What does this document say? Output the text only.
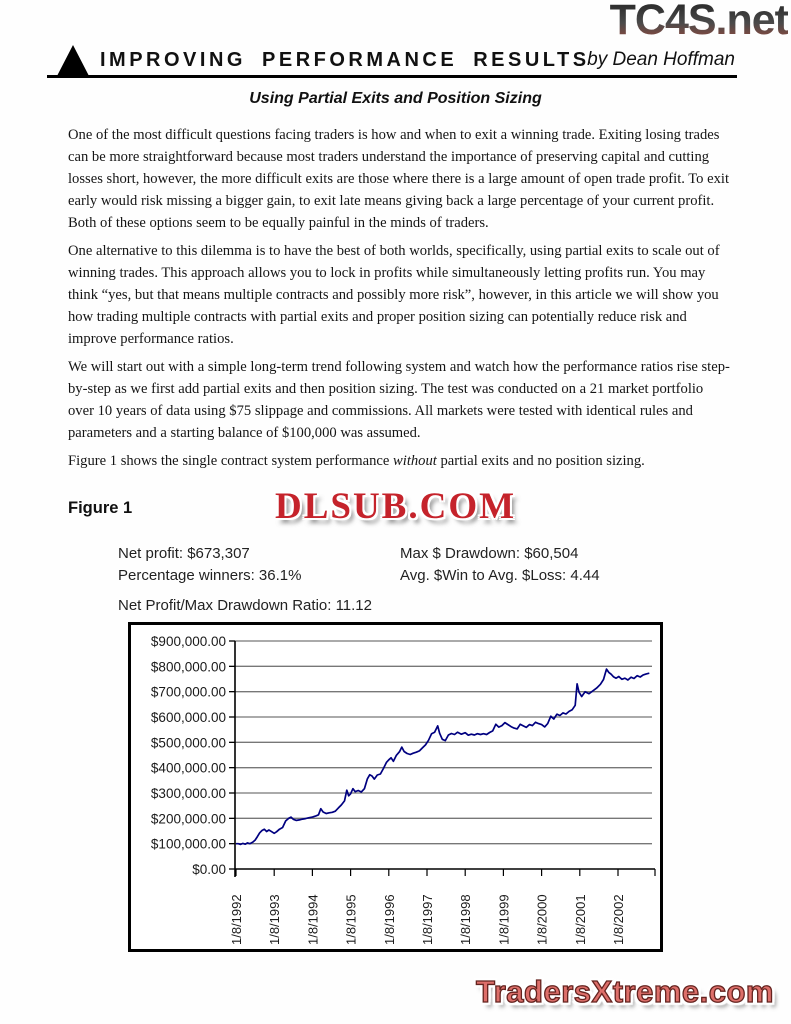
TC4S.net
IMPROVING PERFORMANCE RESULTS
by Dean Hoffman
Using Partial Exits and Position Sizing

One of the most difficult questions facing traders is how and when to exit a winning trade. Exiting losing trades can be more straightforward because most traders understand the importance of preserving capital and cutting losses short, however, the more difficult exits are those where there is a large amount of open trade profit. To exit early would risk missing a bigger gain, to exit late means giving back a large percentage of your current profit. Both of these options seem to be equally painful in the minds of traders.

One alternative to this dilemma is to have the best of both worlds, specifically, using partial exits to scale out of winning trades. This approach allows you to lock in profits while simultaneously letting profits run. You may think “yes, but that means multiple contracts and possibly more risk”, however, in this article we will show you how trading multiple contracts with partial exits and proper position sizing can potentially reduce risk and improve performance ratios.

We will start out with a simple long-term trend following system and watch how the performance ratios rise step-by-step as we first add partial exits and then position sizing. The test was conducted on a 21 market portfolio over 10 years of data using $75 slippage and commissions. All markets were tested with identical rules and parameters and a starting balance of $100,000 was assumed.

Figure 1 shows the single contract system performance without partial exits and no position sizing.

Figure 1	DLSUB.COM
Net profit: $673,307	Max $ Drawdown: $60,504
Percentage winners: 36.1%	Avg. $Win to Avg. $Loss: 4.44
Net Profit/Max Drawdown Ratio: 11.12
$0.00
$100,000.00
$200,000.00
$300,000.00
$400,000.00
$500,000.00
$600,000.00
$700,000.00
$800,000.00
$900,000.00
1/8/1992 1/8/1993 1/8/1994 1/8/1995 1/8/1996 1/8/1997 1/8/1998 1/8/1999 1/8/2000 1/8/2001 1/8/2002
TradersXtreme.com
